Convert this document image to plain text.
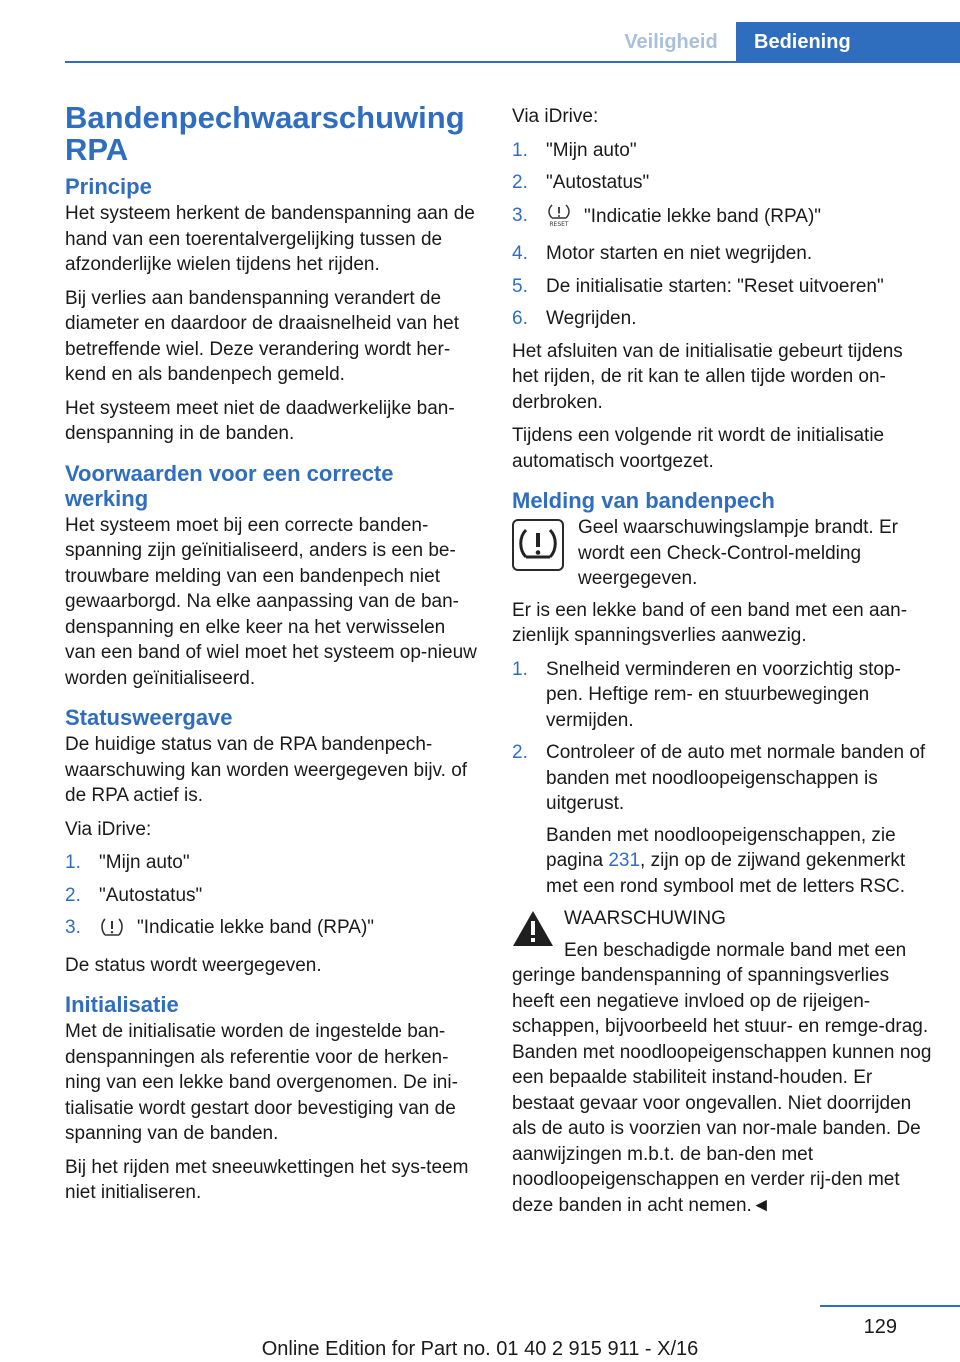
Veiligheid	Bediening
Bandenpechwaarschuwing RPA
Principe

Het systeem herkent de bandenspanning aan de hand van een toerentalvergelijking tussen de afzonderlijke wielen tijdens het rijden.

Bij verlies aan bandenspanning verandert de diameter en daardoor de draaisnelheid van het betreffende wiel. Deze verandering wordt her-kend en als bandenpech gemeld.

Het systeem meet niet de daadwerkelijke ban-denspanning in de banden.

Voorwaarden voor een correcte werking

Het systeem moet bij een correcte banden-spanning zijn geïnitialiseerd, anders is een be-trouwbare melding van een bandenpech niet gewaarborgd. Na elke aanpassing van de ban-denspanning en elke keer na het verwisselen van een band of wiel moet het systeem op-nieuw worden geïnitialiseerd.

Statusweergave

De huidige status van de RPA bandenpech-waarschuwing kan worden weergegeven bijv. of de RPA actief is.

Via iDrive:

1. "Mijn auto"
2. "Autostatus"
3.	"Indicatie lekke band (RPA)"

De status wordt weergegeven.

Initialisatie

Met de initialisatie worden de ingestelde ban-denspanningen als referentie voor de herken-ning van een lekke band overgenomen. De ini-tialisatie wordt gestart door bevestiging van de spanning van de banden.

Bij het rijden met sneeuwkettingen het sys-teem niet initialiseren.

Via iDrive:

1. "Mijn auto"
2. "Autostatus"
3.	RESET "Indicatie lekke band (RPA)"
4. Motor starten en niet wegrijden.
5. De initialisatie starten: "Reset uitvoeren"
6. Wegrijden.

Het afsluiten van de initialisatie gebeurt tijdens het rijden, de rit kan te allen tijde worden on-derbroken.

Tijdens een volgende rit wordt de initialisatie automatisch voortgezet.

Melding van bandenpech

Geel waarschuwingslampje brandt. Er wordt een Check-Control-melding weergegeven.

Er is een lekke band of een band met een aan-zienlijk spanningsverlies aanwezig.

1. Snelheid verminderen en voorzichtig stop-pen. Heftige rem- en stuurbewegingen vermijden.
2. Controleer of de auto met normale banden of banden met noodloopeigenschappen is uitgerust.

Banden met noodloopeigenschappen, zie pagina 231, zijn op de zijwand gekenmerkt met een rond symbool met de letters RSC.

WAARSCHUWING

Een beschadigde normale band met een geringe bandenspanning of spanningsverlies heeft een negatieve invloed op de rijeigen-schappen, bijvoorbeeld het stuur- en remge-drag. Banden met noodloopeigenschappen kunnen nog een bepaalde stabiliteit instand-houden. Er bestaat gevaar voor ongevallen. Niet doorrijden als de auto is voorzien van nor-male banden. De aanwijzingen m.b.t. de ban-den met noodloopeigenschappen en verder rij-den met deze banden in acht nemen.◄

129
Online Edition for Part no. 01 40 2 915 911 - X/16
